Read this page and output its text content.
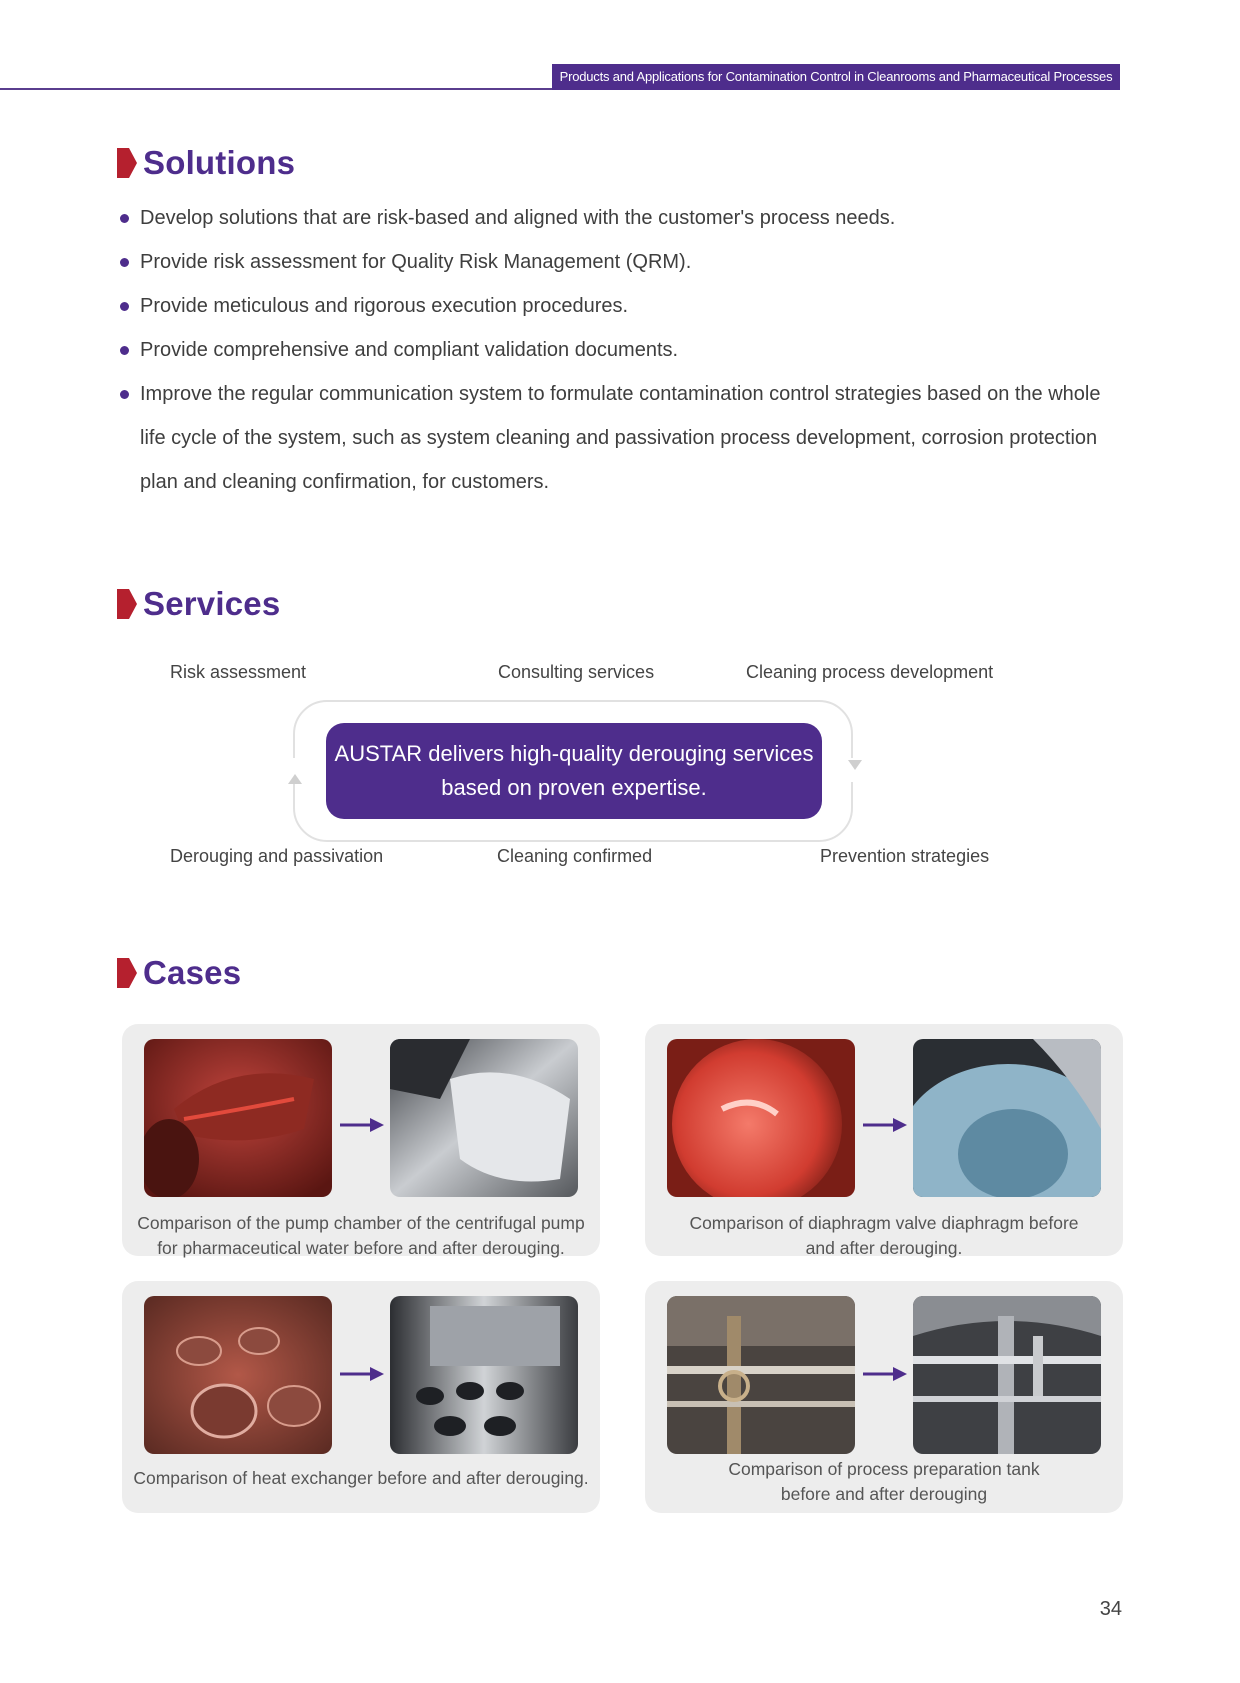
Products and Applications for Contamination Control in Cleanrooms and Pharmaceutical Processes
Solutions
Develop solutions that are risk-based and aligned with the customer's process needs.
Provide risk assessment for Quality Risk Management (QRM).
Provide meticulous and rigorous execution procedures.
Provide comprehensive and compliant validation documents.
Improve the regular communication system to formulate contamination control strategies based on the whole life cycle of the system, such as system cleaning and passivation process development, corrosion protection plan and cleaning confirmation, for customers.
Services
Risk assessment	Consulting services	Cleaning process development
AUSTAR delivers high-quality derouging services
based on proven expertise.
Derouging and passivation	Cleaning confirmed	Prevention strategies
Cases
Comparison of the pump chamber of the centrifugal pump
for pharmaceutical water before and after derouging.
Comparison of diaphragm valve diaphragm before
and after derouging.
Comparison of heat exchanger before and after derouging.	Comparison of process preparation tank
before and after derouging
34
